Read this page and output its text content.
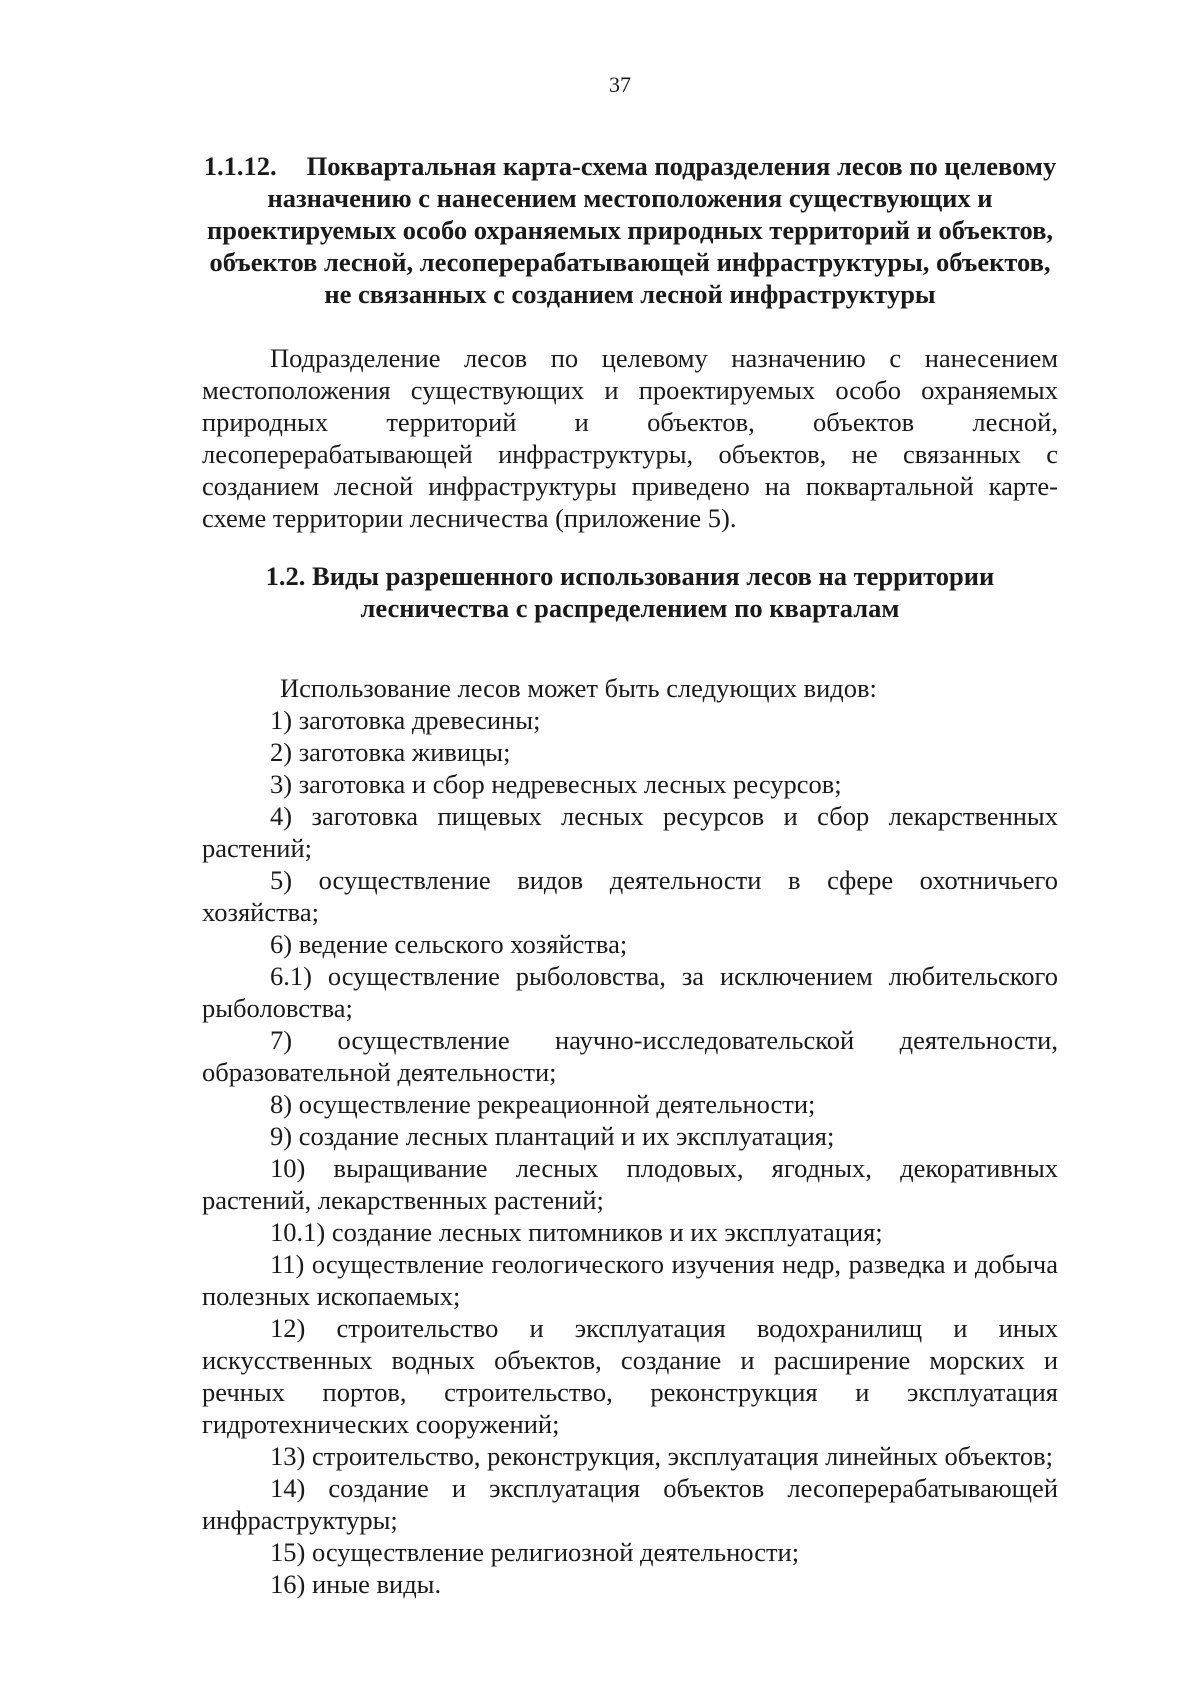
37

1.1.12. Поквартальная карта-схема подразделения лесов по целевому назначению с нанесением местоположения существующих и проектируемых особо охраняемых природных территорий и объектов, объектов лесной, лесоперерабатывающей инфраструктуры, объектов, не связанных с созданием лесной инфраструктуры

Подразделение лесов по целевому назначению с нанесением местоположения существующих и проектируемых особо охраняемых природных территорий и объектов, объектов лесной, лесоперерабатывающей инфраструктуры, объектов, не связанных с созданием лесной инфраструктуры приведено на поквартальной карте-схеме территории лесничества (приложение 5).

1.2. Виды разрешенного использования лесов на территории лесничества с распределением по кварталам

Использование лесов может быть следующих видов:

1) заготовка древесины;

2) заготовка живицы;

3) заготовка и сбор недревесных лесных ресурсов;

4) заготовка пищевых лесных ресурсов и сбор лекарственных растений;

5) осуществление видов деятельности в сфере охотничьего хозяйства;

6) ведение сельского хозяйства;

6.1) осуществление рыболовства, за исключением любительского рыболовства;

7) осуществление научно-исследовательской деятельности, образовательной деятельности;

8) осуществление рекреационной деятельности;

9) создание лесных плантаций и их эксплуатация;

10) выращивание лесных плодовых, ягодных, декоративных растений, лекарственных растений;

10.1) создание лесных питомников и их эксплуатация;

11) осуществление геологического изучения недр, разведка и добыча полезных ископаемых;

12) строительство и эксплуатация водохранилищ и иных искусственных водных объектов, создание и расширение морских и речных портов, строительство, реконструкция и эксплуатация гидротехнических сооружений;

13) строительство, реконструкция, эксплуатация линейных объектов;

14) создание и эксплуатация объектов лесоперерабатывающей инфраструктуры;

15) осуществление религиозной деятельности;

16) иные виды.
